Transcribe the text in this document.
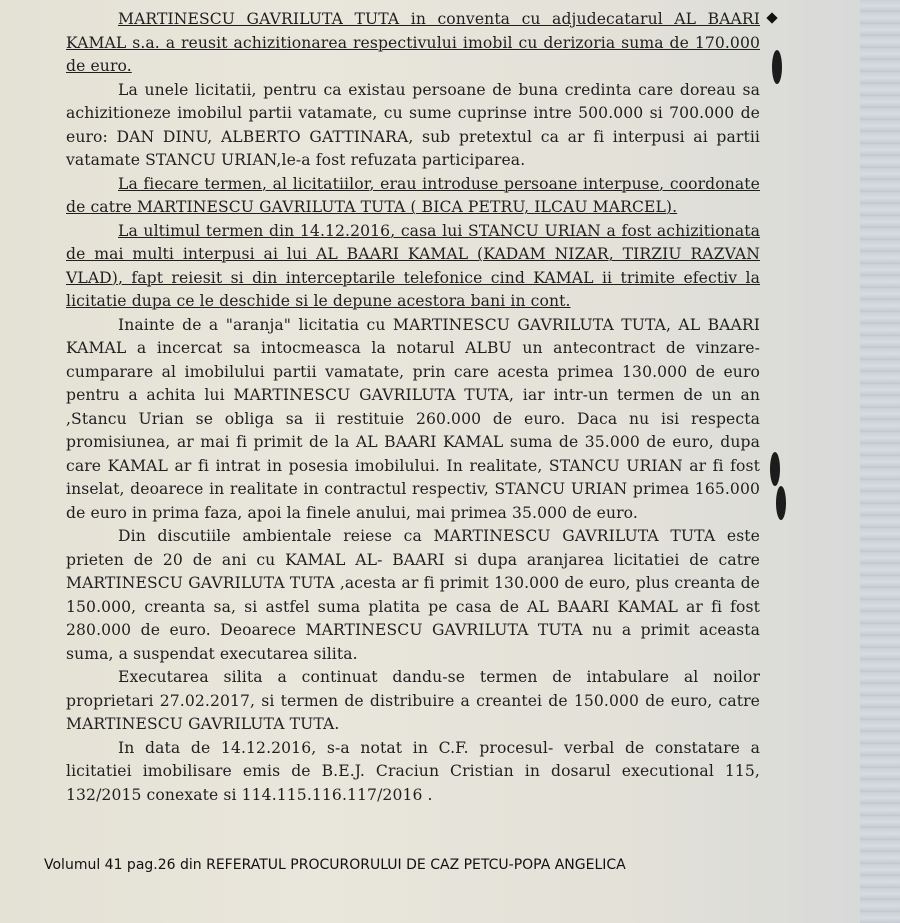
MARTINESCU GAVRILUTA TUTA in conventa cu adjudecatarul AL BAARI KAMAL s.a. a reusit achizitionarea respectivului imobil cu derizoria suma de 170.000 de euro.

La unele licitatii, pentru ca existau persoane de buna credinta care doreau sa achizitioneze imobilul partii vatamate, cu sume cuprinse intre 500.000 si 700.000 de euro: DAN DINU, ALBERTO GATTINARA, sub pretextul ca ar fi interpusi ai partii vatamate STANCU URIAN,le-a fost refuzata participarea.

La fiecare termen, al licitatiilor, erau introduse persoane interpuse, coordonate de catre MARTINESCU GAVRILUTA TUTA ( BICA PETRU, ILCAU MARCEL).

La ultimul termen din 14.12.2016, casa lui STANCU URIAN a fost achizitionata de mai multi interpusi ai lui AL BAARI KAMAL (KADAM NIZAR, TIRZIU RAZVAN VLAD), fapt reiesit si din interceptarile telefonice cind KAMAL ii trimite efectiv la licitatie dupa ce le deschide si le depune acestora bani in cont.

Inainte de a "aranja" licitatia cu MARTINESCU GAVRILUTA TUTA, AL BAARI KAMAL a incercat sa intocmeasca la notarul ALBU un antecontract de vinzare- cumparare al imobilului partii vamatate, prin care acesta primea 130.000 de euro pentru a achita lui MARTINESCU GAVRILUTA TUTA, iar intr-un termen de un an ,Stancu Urian se obliga sa ii restituie 260.000 de euro. Daca nu isi respecta promisiunea, ar mai fi primit de la AL BAARI KAMAL suma de 35.000 de euro, dupa care KAMAL ar fi intrat in posesia imobilului. In realitate, STANCU URIAN ar fi fost inselat, deoarece in realitate in contractul respectiv, STANCU URIAN primea 165.000 de euro in prima faza, apoi la finele anului, mai primea 35.000 de euro.

Din discutiile ambientale reiese ca MARTINESCU GAVRILUTA TUTA este prieten de 20 de ani cu KAMAL AL- BAARI si dupa aranjarea licitatiei de catre MARTINESCU GAVRILUTA TUTA ,acesta ar fi primit 130.000 de euro, plus creanta de 150.000, creanta sa, si astfel suma platita pe casa de AL BAARI KAMAL ar fi fost 280.000 de euro. Deoarece MARTINESCU GAVRILUTA TUTA nu a primit aceasta suma, a suspendat executarea silita.

Executarea silita a continuat dandu-se termen de intabulare al noilor proprietari 27.02.2017, si termen de distribuire a creantei de 150.000 de euro, catre MARTINESCU GAVRILUTA TUTA.

In data de 14.12.2016, s-a notat in C.F. procesul- verbal de constatare a licitatiei imobilisare emis de B.E.J. Craciun Cristian in dosarul executional 115, 132/2015 conexate si 114.115.116.117/2016 .

Volumul 41 pag.26 din REFERATUL PROCURORULUI DE CAZ PETCU-POPA ANGELICA
